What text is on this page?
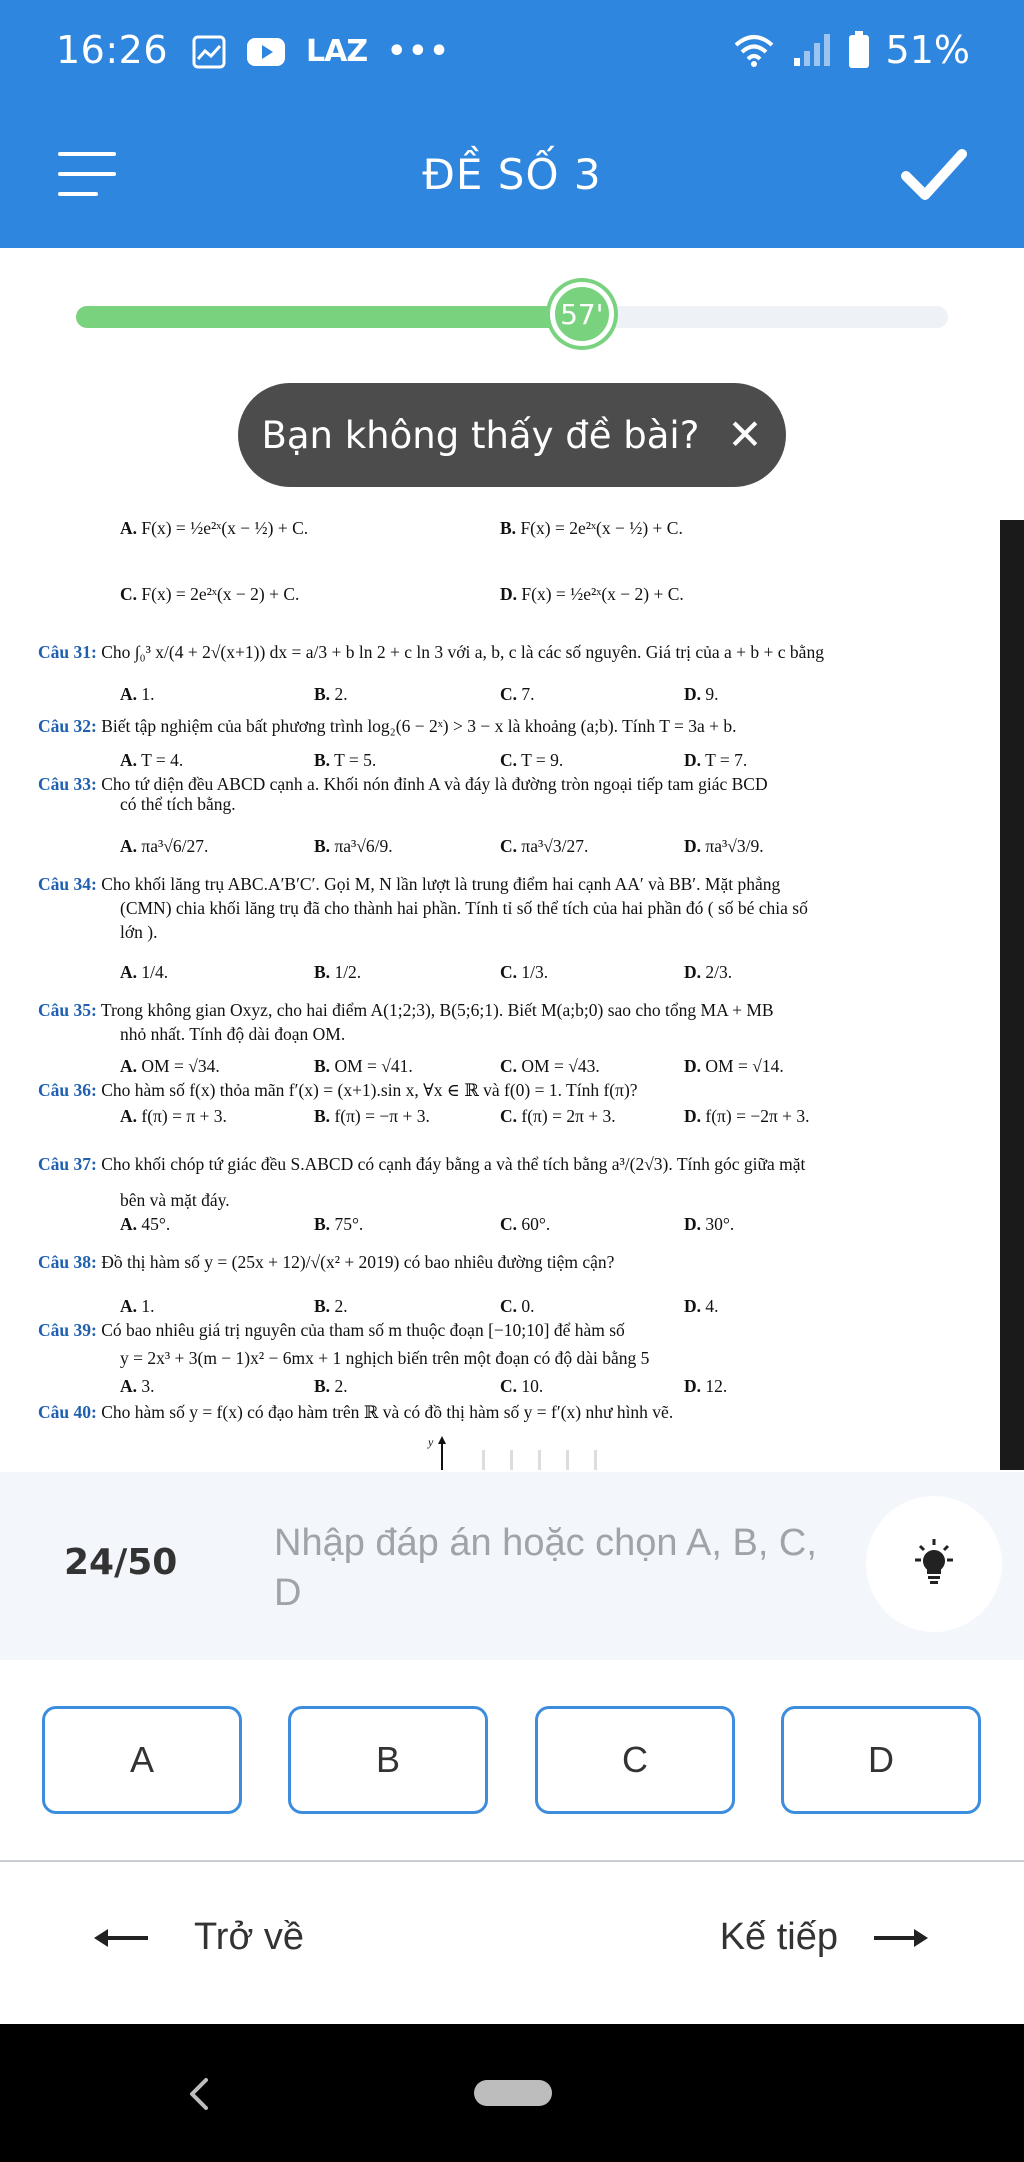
16:26	LAZ •••	51%
ĐỀ SỐ 3
57'
Bạn không thấy đề bài? ✕
A. F(x) = ½e²ˣ(x − ½) + C.	B. F(x) = 2e²ˣ(x − ½) + C.
C. F(x) = 2e²ˣ(x − 2) + C.	D. F(x) = ½e²ˣ(x − 2) + C.
Câu 31: Cho ∫₀³ x/(4 + 2√(x+1)) dx = a/3 + b ln 2 + c ln 3 với a, b, c là các số nguyên. Giá trị của a + b + c bằng
A. 1.	B. 2.	C. 7.	D. 9.
Câu 32: Biết tập nghiệm của bất phương trình log₂(6 − 2ˣ) > 3 − x là khoảng (a;b). Tính T = 3a + b.
A. T = 4.	B. T = 5.	C. T = 9.	D. T = 7.
Câu 33: Cho tứ diện đều ABCD cạnh a. Khối nón đỉnh A và đáy là đường tròn ngoại tiếp tam giác BCD
có thể tích bằng.
A. πa³√6/27.	B. πa³√6/9.	C. πa³√3/27.	D. πa³√3/9.
Câu 34: Cho khối lăng trụ ABC.A′B′C′. Gọi M, N lần lượt là trung điểm hai cạnh AA′ và BB′. Mặt phẳng
(CMN) chia khối lăng trụ đã cho thành hai phần. Tính tỉ số thể tích của hai phần đó ( số bé chia số
lớn ).
A. 1/4.	B. 1/2.	C. 1/3.	D. 2/3.
Câu 35: Trong không gian Oxyz, cho hai điểm A(1;2;3), B(5;6;1). Biết M(a;b;0) sao cho tổng MA + MB
nhỏ nhất. Tính độ dài đoạn OM.
A. OM = √34.	B. OM = √41.	C. OM = √43.	D. OM = √14.
Câu 36: Cho hàm số f(x) thỏa mãn f′(x) = (x+1).sin x, ∀x ∈ ℝ và f(0) = 1. Tính f(π)?
A. f(π) = π + 3.	B. f(π) = −π + 3.	C. f(π) = 2π + 3.	D. f(π) = −2π + 3.
Câu 37: Cho khối chóp tứ giác đều S.ABCD có cạnh đáy bằng a và thể tích bằng a³/(2√3). Tính góc giữa mặt
bên và mặt đáy.
A. 45°.	B. 75°.	C. 60°.	D. 30°.
Câu 38: Đồ thị hàm số y = (25x + 12)/√(x² + 2019) có bao nhiêu đường tiệm cận?
A. 1.	B. 2.	C. 0.	D. 4.
Câu 39: Có bao nhiêu giá trị nguyên của tham số m thuộc đoạn [−10;10] để hàm số
y = 2x³ + 3(m − 1)x² − 6mx + 1 nghịch biến trên một đoạn có độ dài bằng 5
A. 3.	B. 2.	C. 10.	D. 12.
Câu 40: Cho hàm số y = f(x) có đạo hàm trên ℝ và có đồ thị hàm số y = f′(x) như hình vẽ.
y
24/50	Nhập đáp án hoặc chọn A, B, C, D
A	B	C	D
Trở về	Kế tiếp
